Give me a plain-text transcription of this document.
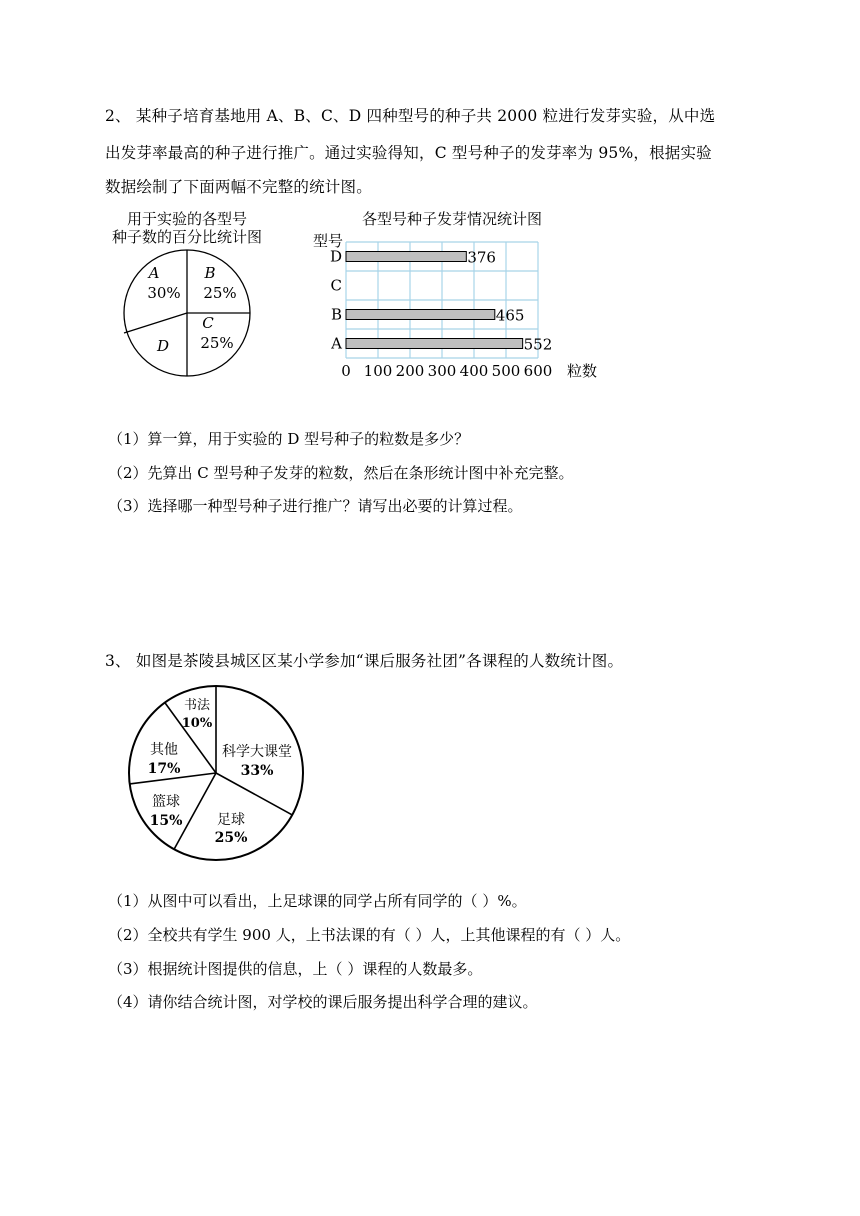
2、 某种子培育基地用 A、B、C、D 四种型号的种子共 2000 粒进行发芽实验，从中选
出发芽率最高的种子进行推广。通过实验得知，C 型号种子的发芽率为 95%，根据实验
数据绘制了下面两幅不完整的统计图。
用于实验的各型号
种子数的百分比统计图
A
30%
B
25%
C
25%
D
各型号种子发芽情况统计图
型号
粒数
0 100 200 300 400 500 600
D	376
C
B	465
A	552
（1）算一算，用于实验的 D 型号种子的粒数是多少？
（2）先算出 C 型号种子发芽的粒数，然后在条形统计图中补充完整。
（3）选择哪一种型号种子进行推广？请写出必要的计算过程。
3、 如图是茶陵县城区区某小学参加“课后服务社团”各课程的人数统计图。
科学大课堂
33%
足球
25%
篮球
15%
其他
17%
书法
10%
（1）从图中可以看出，上足球课的同学占所有同学的（ ）%。
（2）全校共有学生 900 人，上书法课的有（ ）人，上其他课程的有（ ）人。
（3）根据统计图提供的信息，上（ ）课程的人数最多。
（4）请你结合统计图，对学校的课后服务提出科学合理的建议。
